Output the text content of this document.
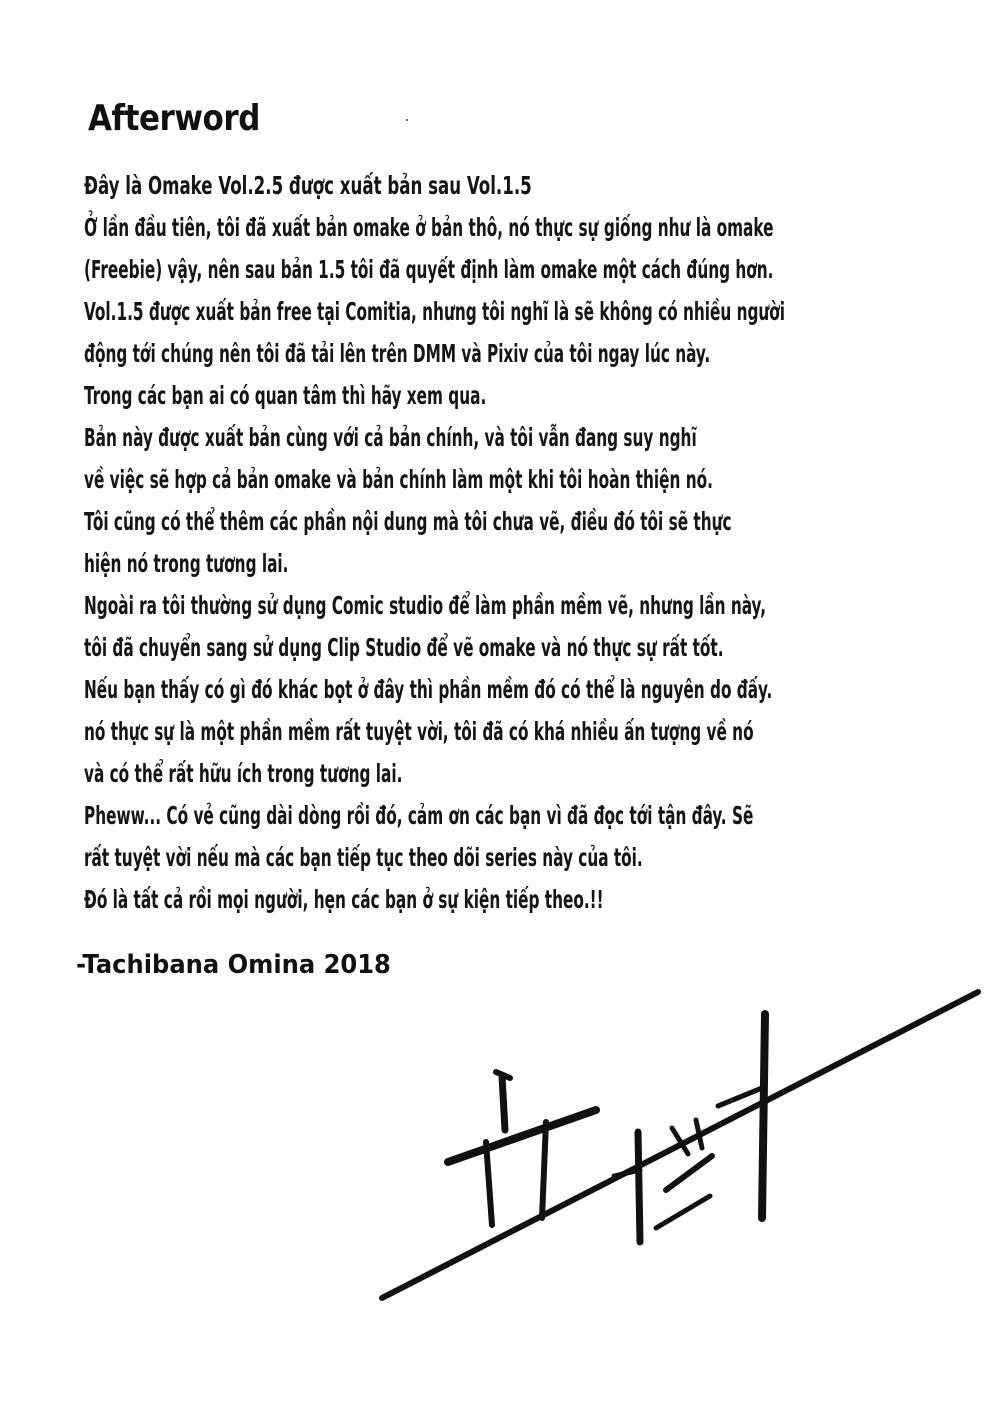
Afterword
Đây là Omake Vol.2.5 được xuất bản sau Vol.1.5
Ở lần đầu tiên, tôi đã xuất bản omake ở bản thô, nó thực sự giống như là omake
(Freebie) vậy, nên sau bản 1.5 tôi đã quyết định làm omake một cách đúng hơn.
Vol.1.5 được xuất bản free tại Comitia, nhưng tôi nghĩ là sẽ không có nhiều người
động tới chúng nên tôi đã tải lên trên DMM và Pixiv của tôi ngay lúc này.
Trong các bạn ai có quan tâm thì hãy xem qua.
Bản này được xuất bản cùng với cả bản chính, và tôi vẫn đang suy nghĩ
về việc sẽ hợp cả bản omake và bản chính làm một khi tôi hoàn thiện nó.
Tôi cũng có thể thêm các phần nội dung mà tôi chưa vẽ, điều đó tôi sẽ thực
hiện nó trong tương lai.
Ngoài ra tôi thường sử dụng Comic studio để làm phần mềm vẽ, nhưng lần này,
tôi đã chuyển sang sử dụng Clip Studio để vẽ omake và nó thực sự rất tốt.
Nếu bạn thấy có gì đó khác bọt ở đây thì phần mềm đó có thể là nguyên do đấy.
nó thực sự là một phần mềm rất tuyệt vời, tôi đã có khá nhiều ấn tượng về nó
và có thể rất hữu ích trong tương lai.
Pheww... Có vẻ cũng dài dòng rồi đó, cảm ơn các bạn vì đã đọc tới tận đây. Sẽ
rất tuyệt vời nếu mà các bạn tiếp tục theo dõi series này của tôi.
Đó là tất cả rồi mọi người, hẹn các bạn ở sự kiện tiếp theo.!!
-Tachibana Omina 2018
